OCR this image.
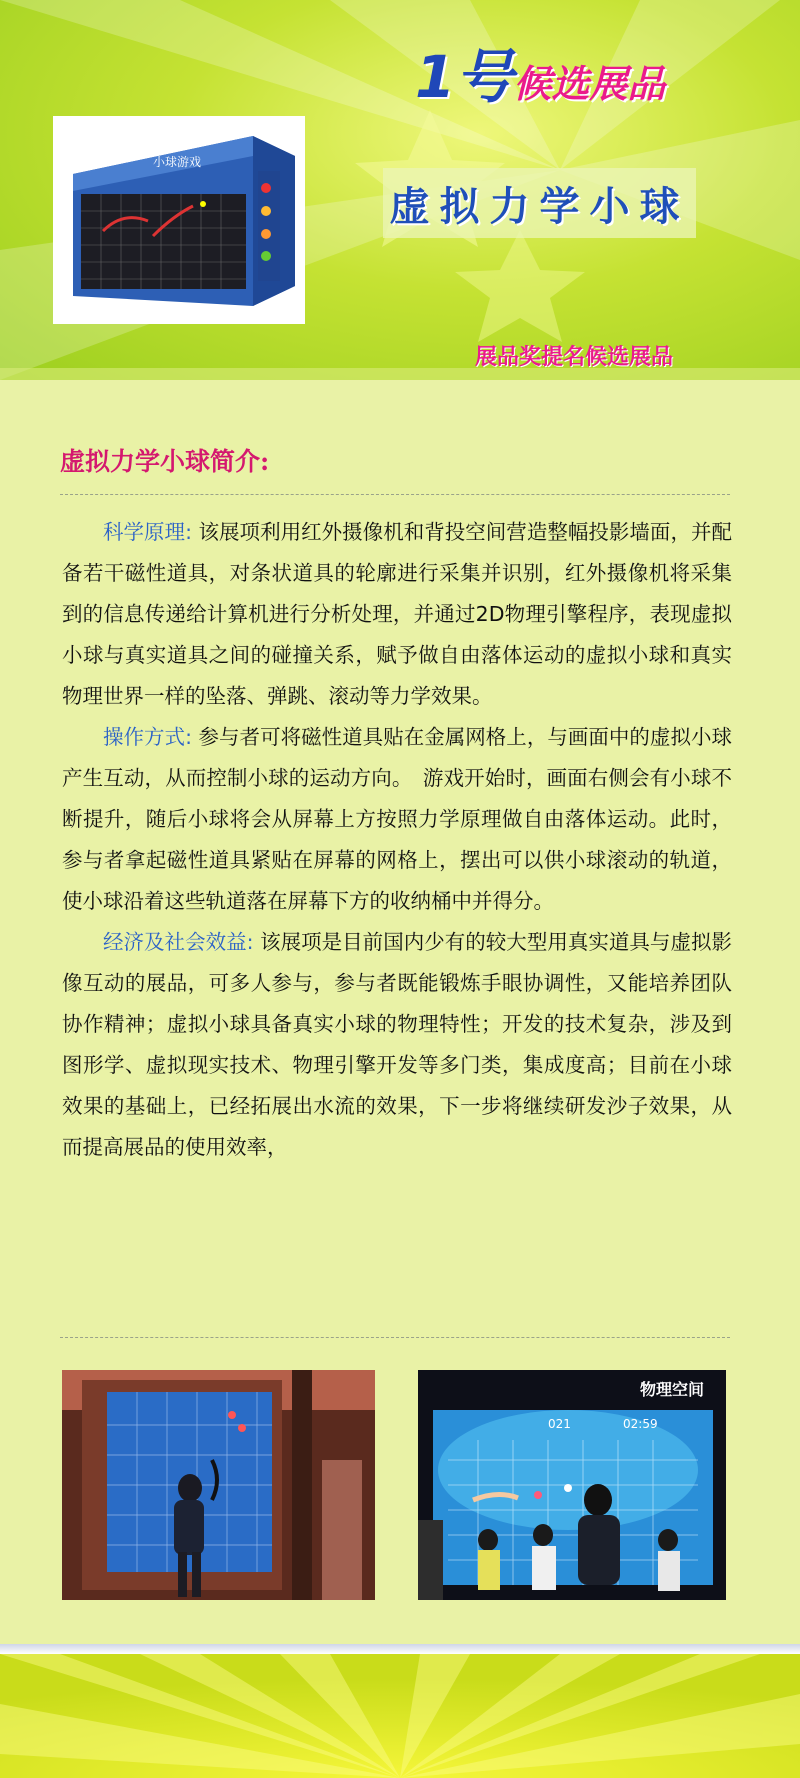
小球游戏
1号候选展品
虚拟力学小球
展品奖提名候选展品
虚拟力学小球简介:

科学原理: 该展项利用红外摄像机和背投空间营造整幅投影墙面，并配备若干磁性道具，对条状道具的轮廓进行采集并识别，红外摄像机将采集到的信息传递给计算机进行分析处理，并通过2D物理引擎程序，表现虚拟小球与真实道具之间的碰撞关系，赋予做自由落体运动的虚拟小球和真实物理世界一样的坠落、弹跳、滚动等力学效果。

操作方式: 参与者可将磁性道具贴在金属网格上，与画面中的虚拟小球产生互动，从而控制小球的运动方向。　游戏开始时，画面右侧会有小球不断提升，随后小球将会从屏幕上方按照力学原理做自由落体运动。此时，参与者拿起磁性道具紧贴在屏幕的网格上，摆出可以供小球滚动的轨道，使小球沿着这些轨道落在屏幕下方的收纳桶中并得分。

经济及社会效益: 该展项是目前国内少有的较大型用真实道具与虚拟影像互动的展品，可多人参与，参与者既能锻炼手眼协调性，又能培养团队协作精神；虚拟小球具备真实小球的物理特性；开发的技术复杂，涉及到图形学、虚拟现实技术、物理引擎开发等多门类，集成度高；目前在小球效果的基础上，已经拓展出水流的效果，下一步将继续研发沙子效果，从而提高展品的使用效率，

物理空间
021	02:59
